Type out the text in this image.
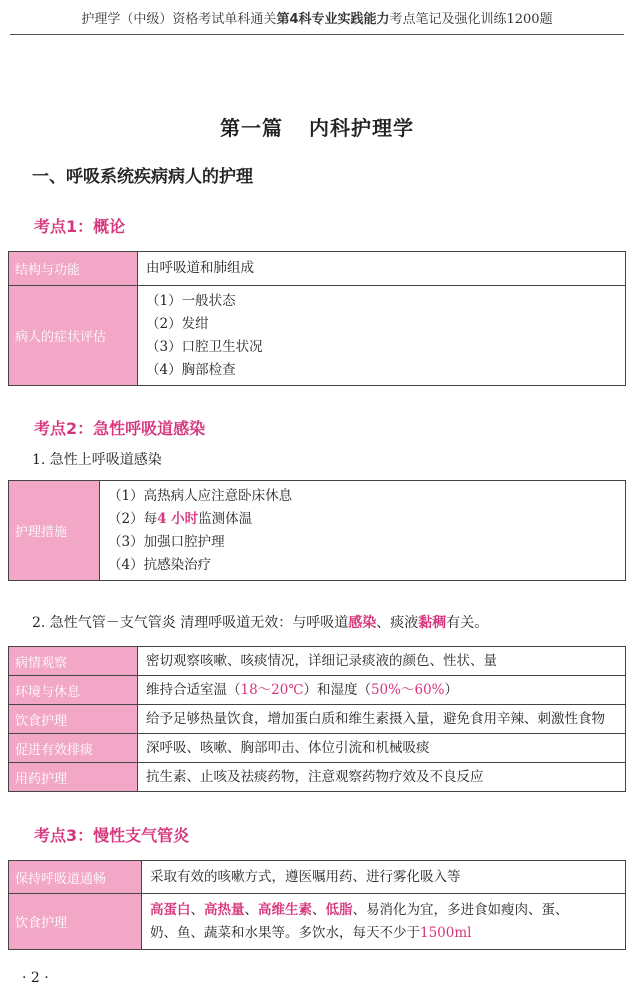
护理学（中级）资格考试单科通关第4科专业实践能力考点笔记及强化训练1200题
第一篇 内科护理学
一、呼吸系统疾病病人的护理
考点1：概论
结构与功能	由呼吸道和肺组成
病人的症状评估	（1）一般状态
（2）发绀
（3）口腔卫生状况
（4）胸部检查
考点2：急性呼吸道感染
1. 急性上呼吸道感染
护理措施	
（1）高热病人应注意卧床休息
（2）每4 小时监测体温
（3）加强口腔护理
（4）抗感染治疗
2. 急性气管－支气管炎 清理呼吸道无效：与呼吸道感染、痰液黏稠有关。
病情观察	密切观察咳嗽、咳痰情况，详细记录痰液的颜色、性状、量
环境与休息	维持合适室温（18～20℃）和湿度（50%～60%）
饮食护理	给予足够热量饮食，增加蛋白质和维生素摄入量，避免食用辛辣、刺激性食物
促进有效排痰	深呼吸、咳嗽、胸部叩击、体位引流和机械吸痰
用药护理	抗生素、止咳及祛痰药物，注意观察药物疗效及不良反应
考点3：慢性支气管炎
保持呼吸道通畅	采取有效的咳嗽方式，遵医嘱用药、进行雾化吸入等
饮食护理	高蛋白、高热量、高维生素、低脂、易消化为宜，多进食如瘦肉、蛋、
奶、鱼、蔬菜和水果等。多饮水，每天不少于1500ml
· 2 ·
